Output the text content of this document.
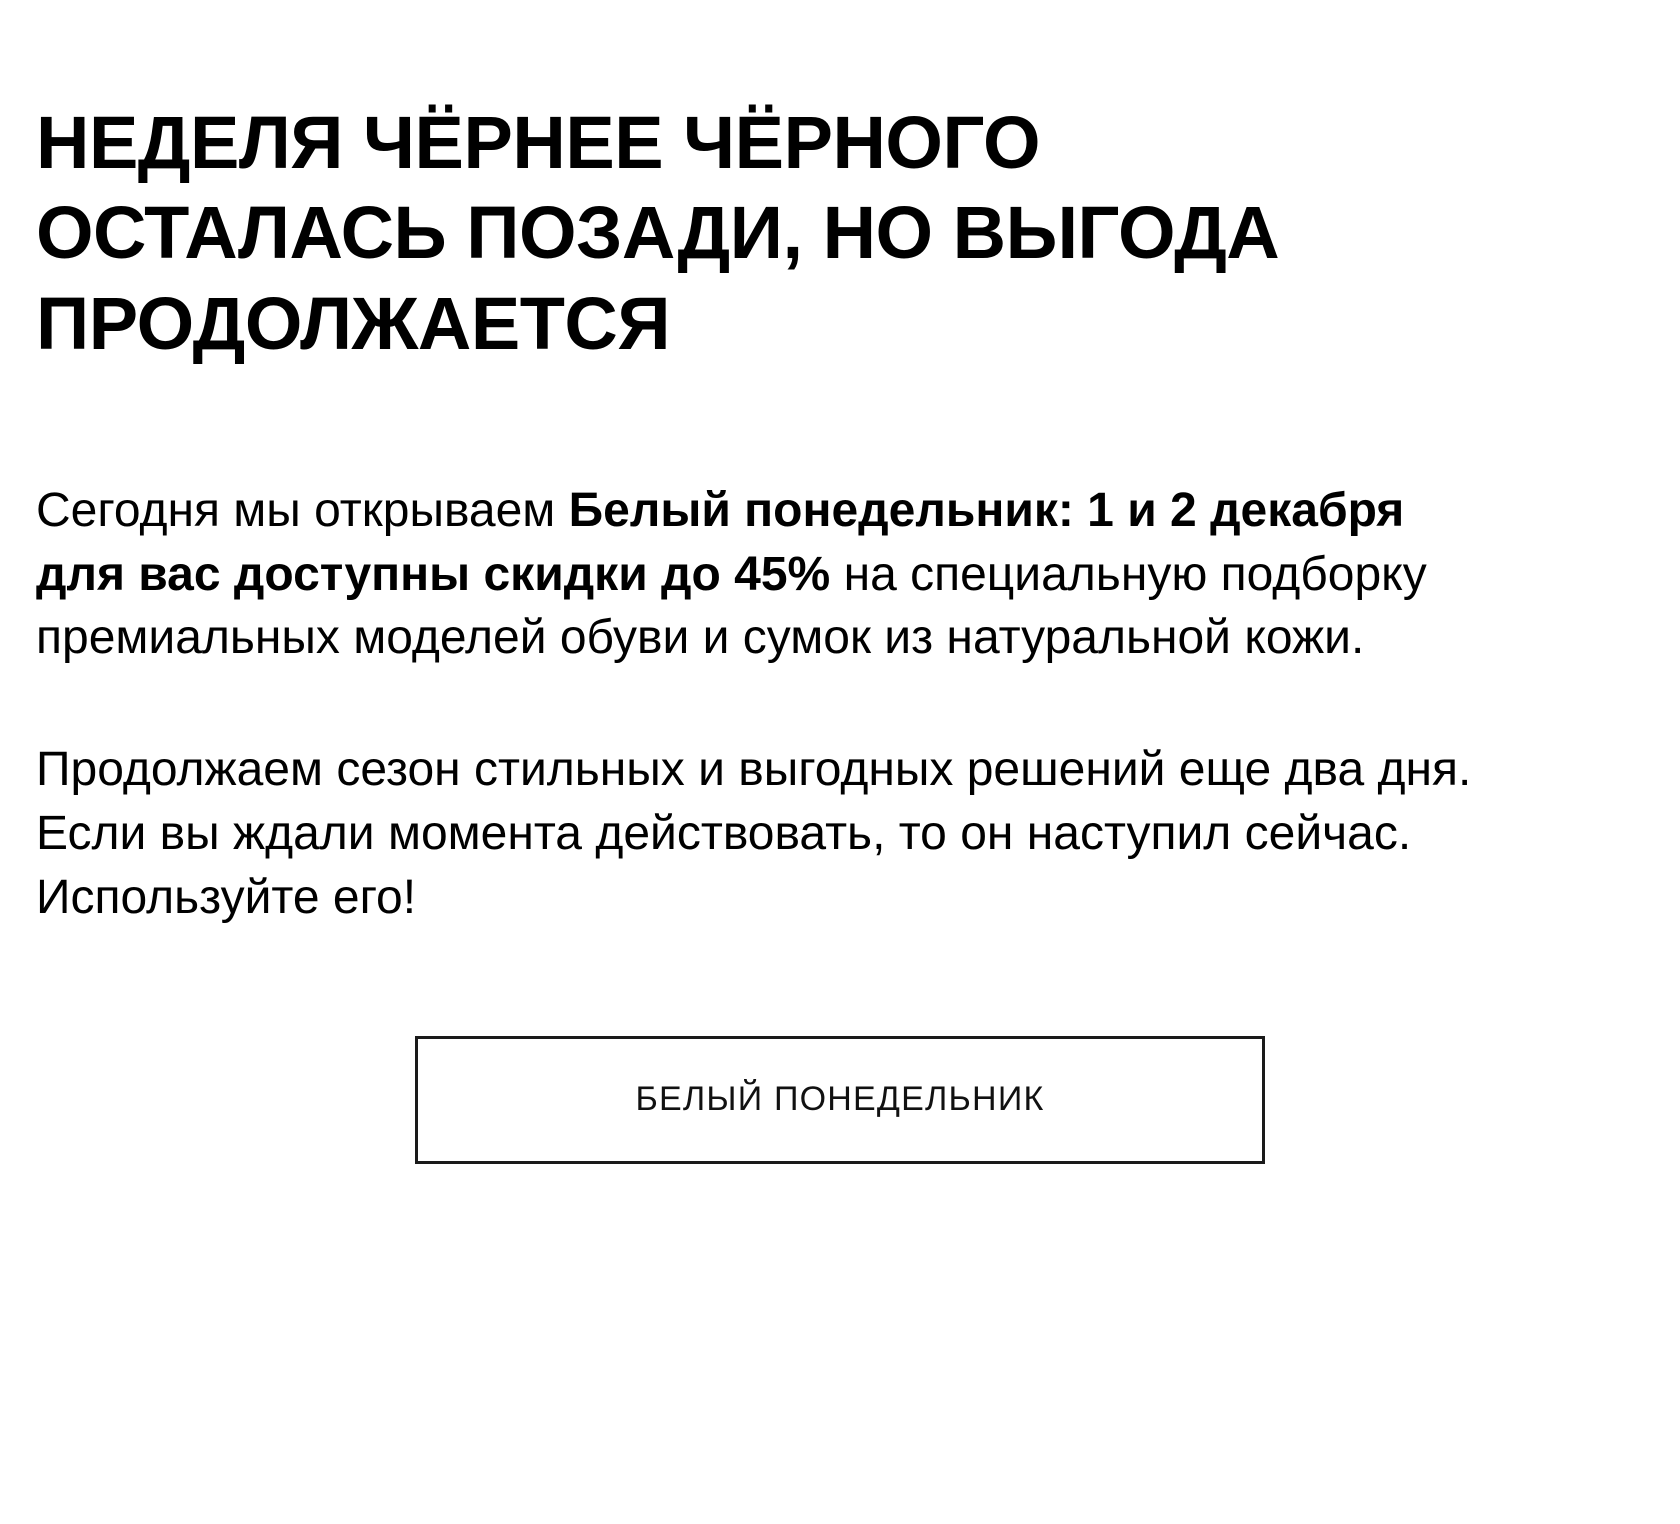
НЕДЕЛЯ ЧЁРНЕЕ ЧЁРНОГО ОСТАЛАСЬ ПОЗАДИ, НО ВЫГОДА ПРОДОЛЖАЕТСЯ

Сегодня мы открываем Белый понедельник: 1 и 2 декабря для вас доступны скидки до 45% на специальную подборку премиальных моделей обуви и сумок из натуральной кожи.

Продолжаем сезон стильных и выгодных решений еще два дня. Если вы ждали момента действовать, то он наступил сейчас. Используйте его!

БЕЛЫЙ ПОНЕДЕЛЬНИК
